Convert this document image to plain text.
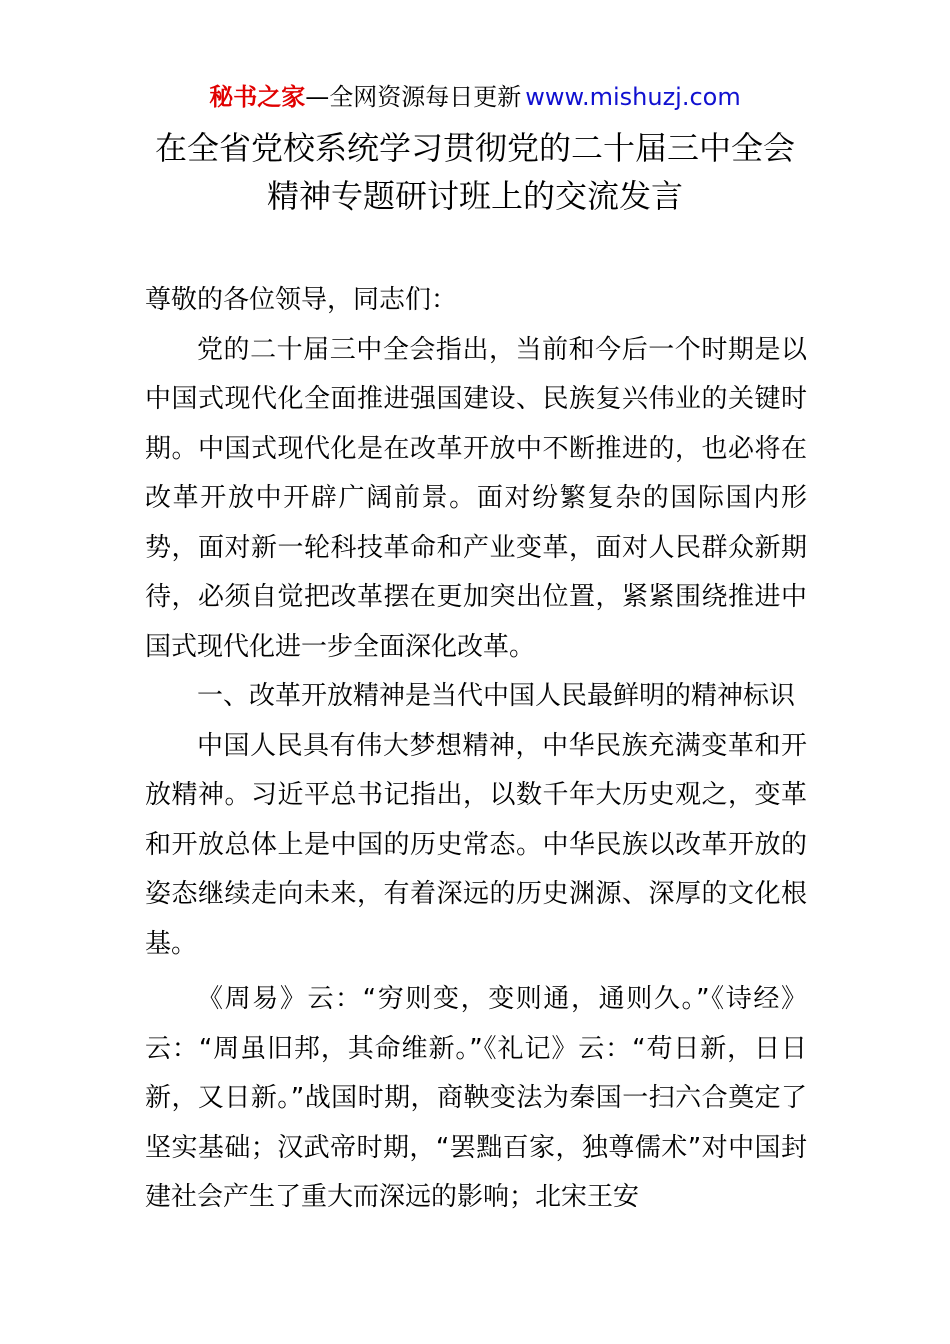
秘书之家—全网资源每日更新 www.mishuzj.com
在全省党校系统学习贯彻党的二十届三中全会
精神专题研讨班上的交流发言

尊敬的各位领导，同志们：

党的二十届三中全会指出，当前和今后一个时期是以中国式现代化全面推进强国建设、民族复兴伟业的关键时期。中国式现代化是在改革开放中不断推进的，也必将在改革开放中开辟广阔前景。面对纷繁复杂的国际国内形势，面对新一轮科技革命和产业变革，面对人民群众新期待，必须自觉把改革摆在更加突出位置，紧紧围绕推进中国式现代化进一步全面深化改革。

一、改革开放精神是当代中国人民最鲜明的精神标识

中国人民具有伟大梦想精神，中华民族充满变革和开放精神。习近平总书记指出，以数千年大历史观之，变革和开放总体上是中国的历史常态。中华民族以改革开放的姿态继续走向未来，有着深远的历史渊源、深厚的文化根基。

《周易》云：“穷则变，变则通，通则久。”《诗经》云：“周虽旧邦，其命维新。”《礼记》云：“苟日新，日日新，又日新。”战国时期，商鞅变法为秦国一扫六合奠定了坚实基础；汉武帝时期，“罢黜百家，独尊儒术”对中国封建社会产生了重大而深远的影响；北宋王安
